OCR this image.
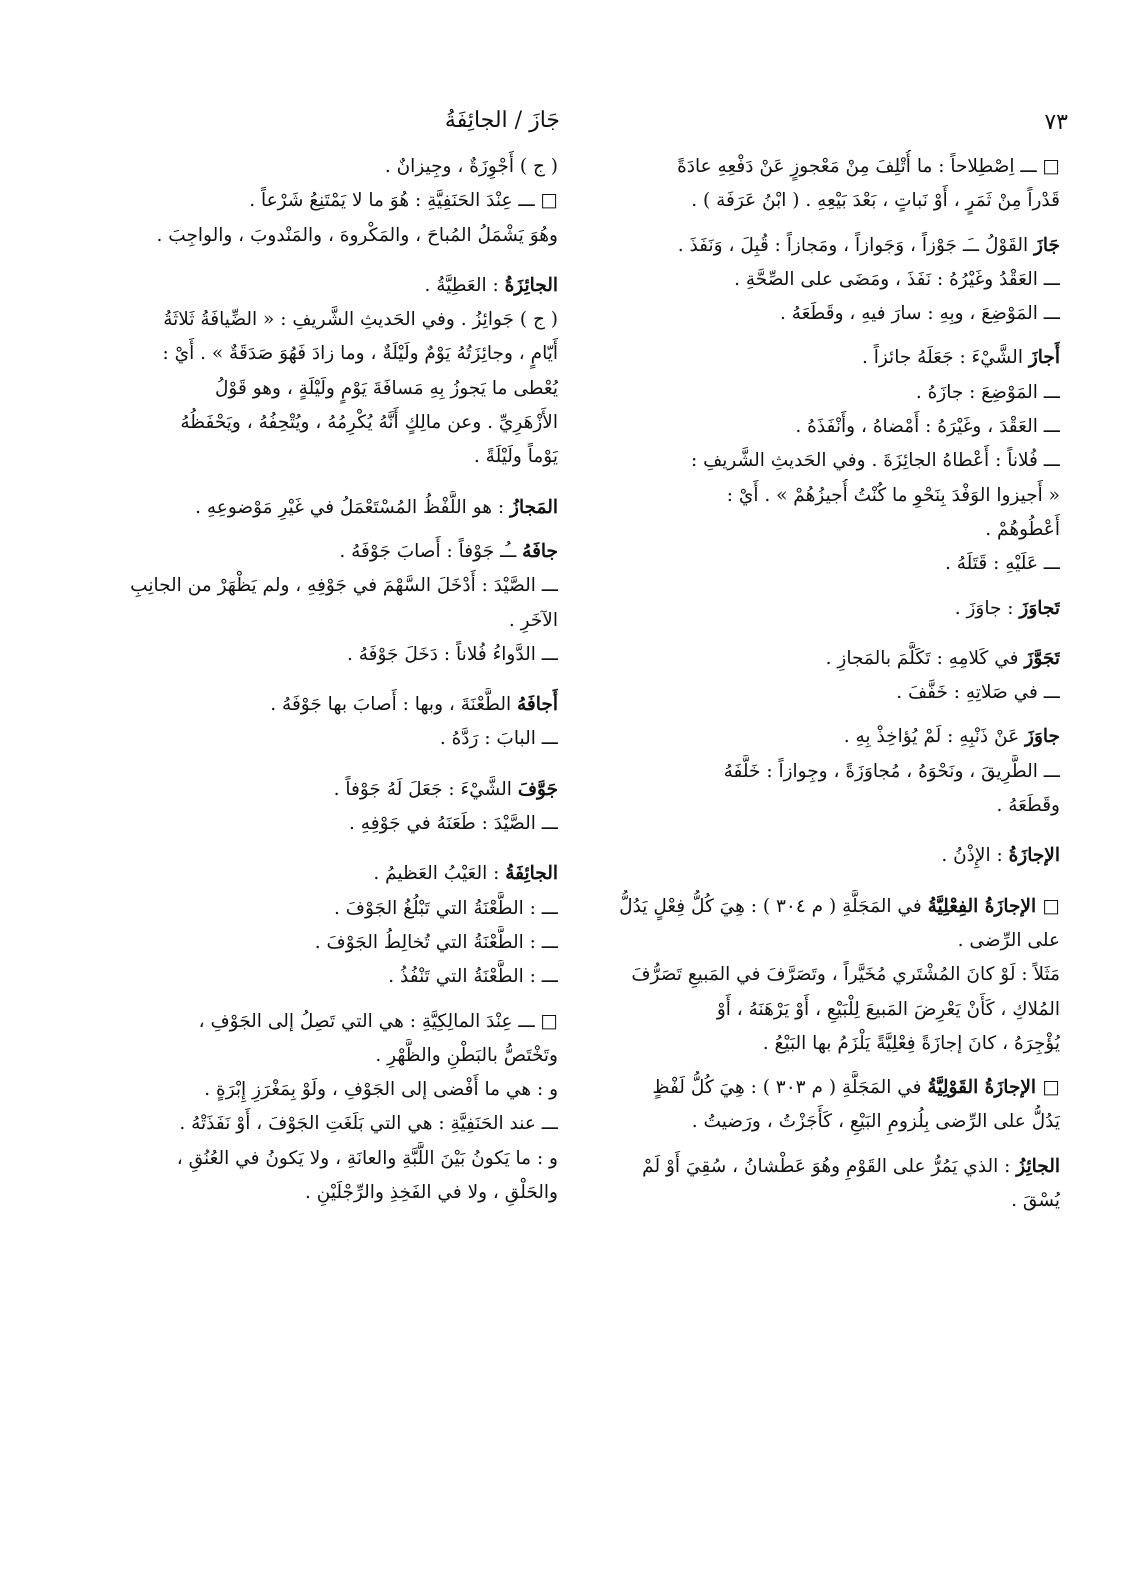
جَازَ / الجائِفَةُ	٧٣
□ ـــ اِصْطِلاحاً : ما أُتْلِفَ مِنْ مَعْجوزٍ عَنْ دَفْعِهِ عادَةً
قَدْراً مِنْ ثَمَرٍ ، أَوْ نَباتٍ ، بَعْدَ بَيْعِهِ . ( ابْنُ عَرَفَة ) .
جَازَ القَوْلُ ــَـ جَوْزاً ، وَجَوازاً ، ومَجازاً : قُبِلَ ، وَنَفَذَ .
ـــ العَقْدُ وغَيْرُهُ : نَفَذَ ، ومَضَى على الصِّحَّةِ .
ـــ المَوْضِعَ ، وبِهِ : سارَ فيهِ ، وقَطَعَهُ .
أَجازَ الشَّيْءَ : جَعَلَهُ جائزاً .
ـــ المَوْضِعَ : جازَهُ .
ـــ العَقْدَ ، وغَيْرَهُ : أَمْضاهُ ، وأَنْفَذَهُ .
ـــ فُلاناً : أَعْطاهُ الجائِزَةَ . وفي الحَديثِ الشَّريفِ :
« أَجيزوا الوَفْدَ بِنَحْوِ ما كُنْتُ أُجيزُهُمْ » . أَيْ :
أَعْطُوهُمْ .
ـــ عَلَيْهِ : قَتَلَهُ .
تَجاوَزَ : جاوَزَ .
تَجَوَّزَ في كَلامِهِ : تَكَلَّمَ بالمَجازِ .
ـــ في صَلاتِهِ : خَفَّفَ .
جاوَزَ عَنْ ذَنْبِهِ : لَمْ يُؤاخِذْ بِهِ .
ـــ الطَّرِيقَ ، ونَحْوَهُ ، مُجاوَزَةً ، وجِوازاً : خَلَّفَهُ
وقَطَعَهُ .
الإجازَةُ : الإِذْنُ .
□ الإجازَةُ الفِعْلِيَّةُ في المَجَلَّةِ ( م ٣٠٤ ) : هِيَ كُلُّ فِعْلٍ يَدُلُّ
على الرِّضى .
مَثَلاً : لَوْ كانَ المُشْتَري مُخَيَّراً ، وتَصَرَّفَ في المَبيعِ تَصَرُّفَ
المُلاكِ ، كَأَنْ يَعْرِضَ المَبيعَ لِلْبَيْعِ ، أَوْ يَرْهَنَهُ ، أَوْ
يُؤْجِرَهُ ، كانَ إجازَةً فِعْلِيَّةً يَلْزَمُ بها البَيْعُ .
□ الإجازَةُ القَوْلِيَّةُ في المَجَلَّةِ ( م ٣٠٣ ) : هِيَ كُلُّ لَفْظٍ
يَدُلُّ على الرِّضى بِلُزومِ البَيْعِ ، كَأَجَزْتُ ، ورَضيتُ .
الجائِزُ : الذي يَمُرُّ على القَوْمِ وهُوَ عَطْشانُ ، سُقِيَ أَوْ لَمْ
يُسْقَ .
( ج ) أَجْوِزَةٌ ، وجِيزانٌ .
□ ـــ عِنْدَ الحَنَفِيَّةِ : هُوَ ما لا يَمْتَنِعُ شَرْعاً .
وهُوَ يَشْمَلُ المُباحَ ، والمَكْروهَ ، والمَنْدوبَ ، والواجِبَ .
الجائِزَةُ : العَطِيَّةُ .
( ج ) جَوائِزُ . وفي الحَديثِ الشَّريفِ : « الضِّيافَةُ ثَلاثَةُ
أَيّامٍ ، وجائِزَتُهُ يَوْمٌ ولَيْلَةٌ ، وما زادَ فَهُوَ صَدَقَةٌ » . أَيْ :
يُعْطى ما يَجوزُ بِهِ مَسافَةَ يَوْمٍ ولَيْلَةٍ ، وهو قَوْلُ
الأَزْهَرِيِّ . وعن مالِكٍ أَنَّهُ يُكْرِمُهُ ، ويُتْحِفُهُ ، ويَحْفَظُهُ
يَوْماً ولَيْلَةً .
المَجازُ : هو اللَّفْظُ المُسْتَعْمَلُ في غَيْرِ مَوْضوعِهِ .
جافَهُ ــُـ جَوْفاً : أَصابَ جَوْفَهُ .
ـــ الصَّيْدَ : أَدْخَلَ السَّهْمَ في جَوْفِهِ ، ولم يَظْهَرْ من الجانِبِ
الآخَرِ .
ـــ الدَّواءُ فُلاناً : دَخَلَ جَوْفَهُ .
أَجافَهُ الطَّعْنَةَ ، وبها : أَصابَ بها جَوْفَهُ .
ـــ البابَ : رَدَّهُ .
جَوَّفَ الشَّيْءَ : جَعَلَ لَهُ جَوْفاً .
ـــ الصَّيْدَ : طَعَنَهُ في جَوْفِهِ .
الجائِفَةُ : العَيْبُ العَظيمُ .
ـــ : الطَّعْنَةُ التي تَبْلُغُ الجَوْفَ .
ـــ : الطَّعْنَةُ التي تُخالِطُ الجَوْفَ .
ـــ : الطَّعْنَةُ التي تَنْفُذُ .
□ ـــ عِنْدَ المالِكِيَّةِ : هي التي تَصِلُ إلى الجَوْفِ ،
وتَخْتَصُّ بالبَطْنِ والظَّهْرِ .
و : هي ما أَفْضى إلى الجَوْفِ ، ولَوْ بِمَغْرَزِ إِبْرَةٍ .
ـــ عند الحَنَفِيَّةِ : هي التي بَلَغَتِ الجَوْفَ ، أَوْ نَفَذَتْهُ .
و : ما يَكونُ بَيْنَ اللَّبَّةِ والعانَةِ ، ولا يَكونُ في العُنُقِ ،
والحَلْقِ ، ولا في الفَخِذِ والرِّجْلَيْنِ .
